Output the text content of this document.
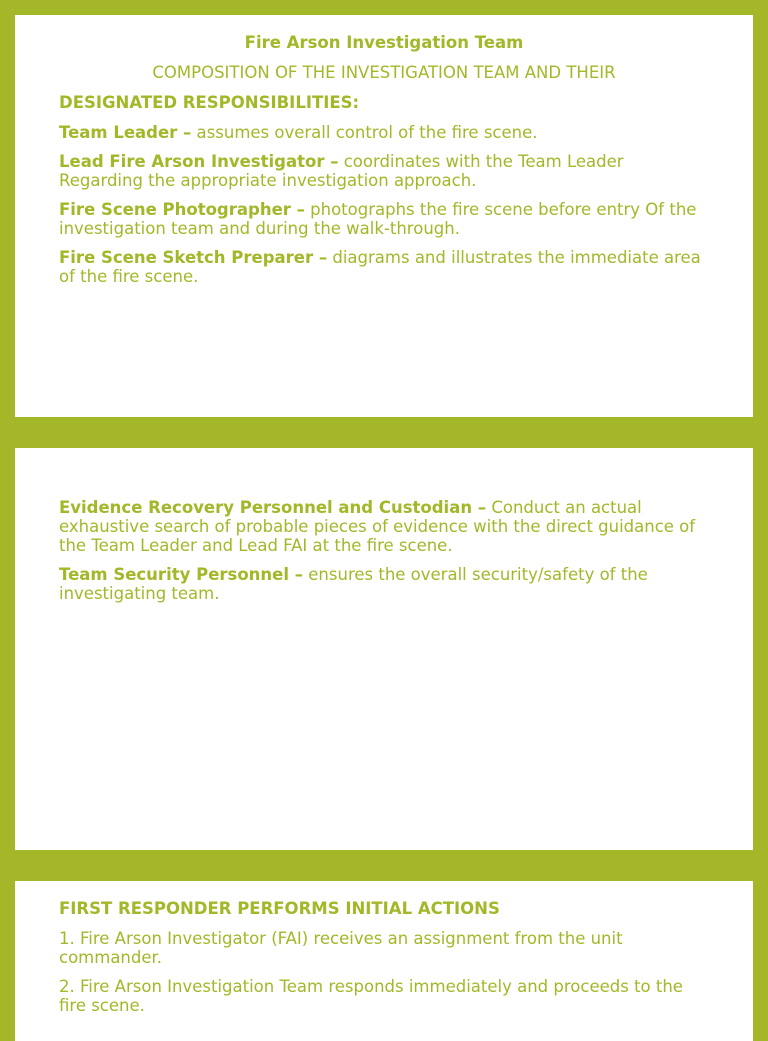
Fire Arson Investigation Team
COMPOSITION OF THE INVESTIGATION TEAM AND THEIR
DESIGNATED RESPONSIBILITIES:
Team Leader – assumes overall control of the fire scene.
Lead Fire Arson Investigator – coordinates with the Team Leader Regarding the appropriate investigation approach.
Fire Scene Photographer – photographs the fire scene before entry Of the investigation team and during the walk-through.
Fire Scene Sketch Preparer – diagrams and illustrates the immediate area of the fire scene.
Evidence Recovery Personnel and Custodian – Conduct an actual exhaustive search of probable pieces of evidence with the direct guidance of the Team Leader and Lead FAI at the fire scene.
Team Security Personnel – ensures the overall security/safety of the investigating team.
FIRST RESPONDER PERFORMS INITIAL ACTIONS
1. Fire Arson Investigator (FAI) receives an assignment from the unit commander.
2. Fire Arson Investigation Team responds immediately and proceeds to the fire scene.
